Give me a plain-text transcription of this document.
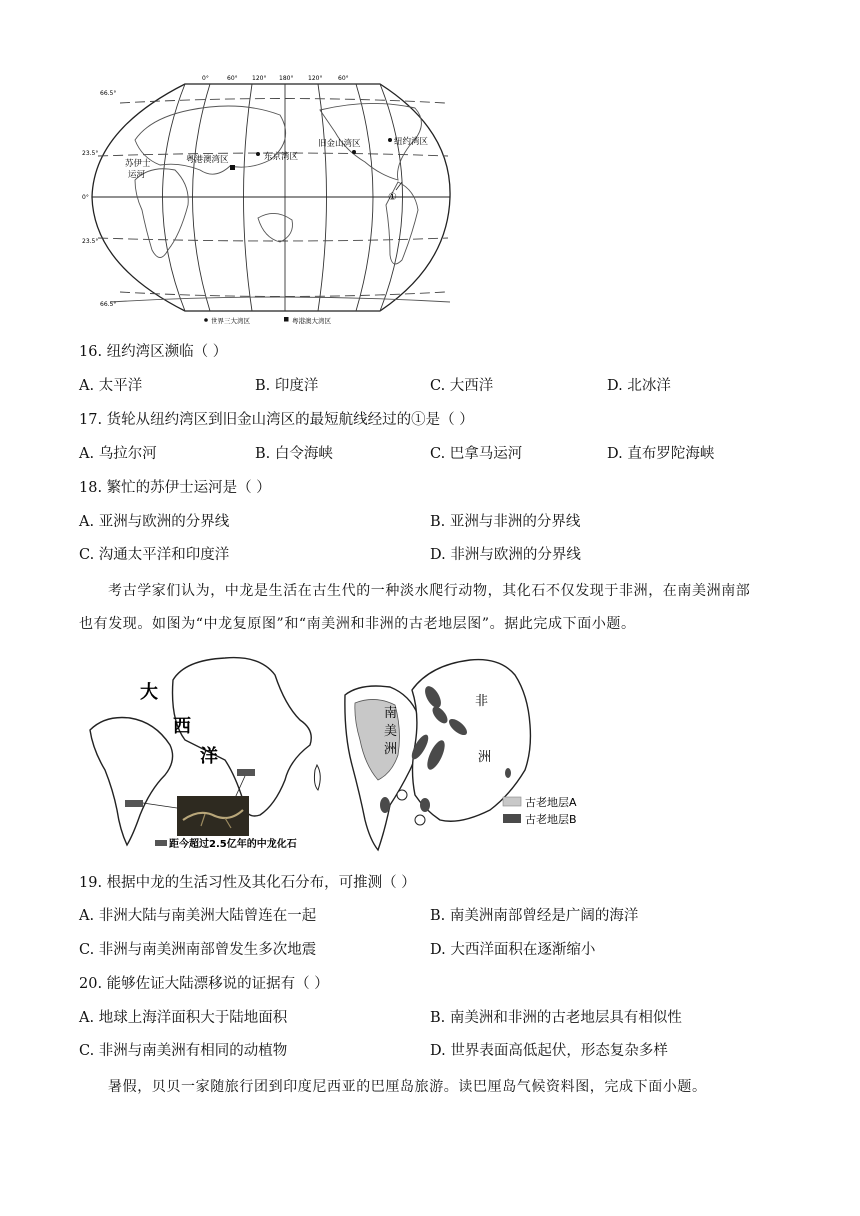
0°	60° 120° 180° 120°	60°
66.5°
23.5°
0°
23.5°
66.5°
苏伊士
运河
粤港澳湾区	东京湾区
旧金山湾区	纽约湾区
①
世界三大湾区	粤港澳大湾区
16. 纽约湾区濒临（ ）
A. 太平洋	B. 印度洋	C. 大西洋	D. 北冰洋
17. 货轮从纽约湾区到旧金山湾区的最短航线经过的①是（ ）
A. 乌拉尔河	B. 白令海峡	C. 巴拿马运河	D. 直布罗陀海峡
18. 繁忙的苏伊士运河是（ ）
A. 亚洲与欧洲的分界线	B. 亚洲与非洲的分界线
C. 沟通太平洋和印度洋	D. 非洲与欧洲的分界线
考古学家们认为，中龙是生活在古生代的一种淡水爬行动物，其化石不仅发现于非洲，在南美洲南部
也有发现。如图为“中龙复原图”和“南美洲和非洲的古老地层图”。据此完成下面小题。
大
西
洋
距今超过2.5亿年的中龙化石
南
美
洲
非
洲
古老地层A
古老地层B
19. 根据中龙的生活习性及其化石分布，可推测（ ）
A. 非洲大陆与南美洲大陆曾连在一起	B. 南美洲南部曾经是广阔的海洋
C. 非洲与南美洲南部曾发生多次地震	D. 大西洋面积在逐渐缩小
20. 能够佐证大陆漂移说的证据有（ ）
A. 地球上海洋面积大于陆地面积	B. 南美洲和非洲的古老地层具有相似性
C. 非洲与南美洲有相同的动植物	D. 世界表面高低起伏，形态复杂多样
暑假，贝贝一家随旅行团到印度尼西亚的巴厘岛旅游。读巴厘岛气候资料图，完成下面小题。
